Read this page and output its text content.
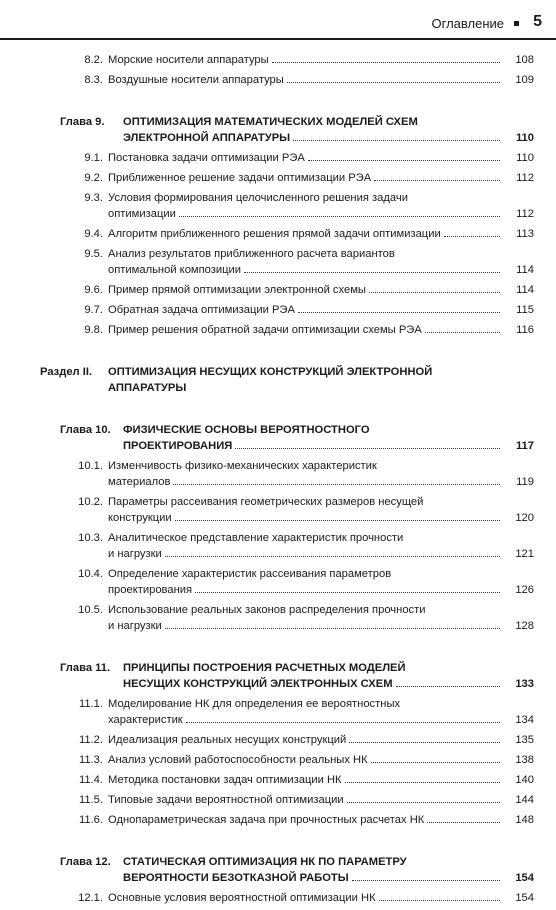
Оглавление 5
8.2. Морские носители аппаратуры	108
8.3. Воздушные носители аппаратуры	109
Глава 9. ОПТИМИЗАЦИЯ МАТЕМАТИЧЕСКИХ МОДЕЛЕЙ СХЕМ
ЭЛЕКТРОННОЙ АППАРАТУРЫ	110
9.1. Постановка задачи оптимизации РЭА	110
9.2. Приближенное решение задачи оптимизации РЭА	112
9.3. Условия формирования целочисленного решения задачи
оптимизации	112
9.4. Алгоритм приближенного решения прямой задачи оптимизации	113
9.5. Анализ результатов приближенного расчета вариантов
оптимальной композиции	114
9.6. Пример прямой оптимизации электронной схемы	114
9.7. Обратная задача оптимизации РЭА	115
9.8. Пример решения обратной задачи оптимизации схемы РЭА	116
Раздел II. ОПТИМИЗАЦИЯ НЕСУЩИХ КОНСТРУКЦИЙ ЭЛЕКТРОННОЙ
АППАРАТУРЫ
Глава 10. ФИЗИЧЕСКИЕ ОСНОВЫ ВЕРОЯТНОСТНОГО
ПРОЕКТИРОВАНИЯ	117
10.1. Изменчивость физико-механических характеристик
материалов	119
10.2. Параметры рассеивания геометрических размеров несущей
конструкции	120
10.3. Аналитическое представление характеристик прочности
и нагрузки	121
10.4. Определение характеристик рассеивания параметров
проектирования	126
10.5. Использование реальных законов распределения прочности
и нагрузки	128
Глава 11. ПРИНЦИПЫ ПОСТРОЕНИЯ РАСЧЕТНЫХ МОДЕЛЕЙ
НЕСУЩИХ КОНСТРУКЦИЙ ЭЛЕКТРОННЫХ СХЕМ	133
11.1. Моделирование НК для определения ее вероятностных
характеристик	134
11.2. Идеализация реальных несущих конструкций	135
11.3. Анализ условий работоспособности реальных НК	138
11.4. Методика постановки задач оптимизации НК	140
11.5. Типовые задачи вероятностной оптимизации	144
11.6. Однопараметрическая задача при прочностных расчетах НК	148
Глава 12. СТАТИЧЕСКАЯ ОПТИМИЗАЦИЯ НК ПО ПАРАМЕТРУ
ВЕРОЯТНОСТИ БЕЗОТКАЗНОЙ РАБОТЫ	154
12.1. Основные условия вероятностной оптимизации НК	154
